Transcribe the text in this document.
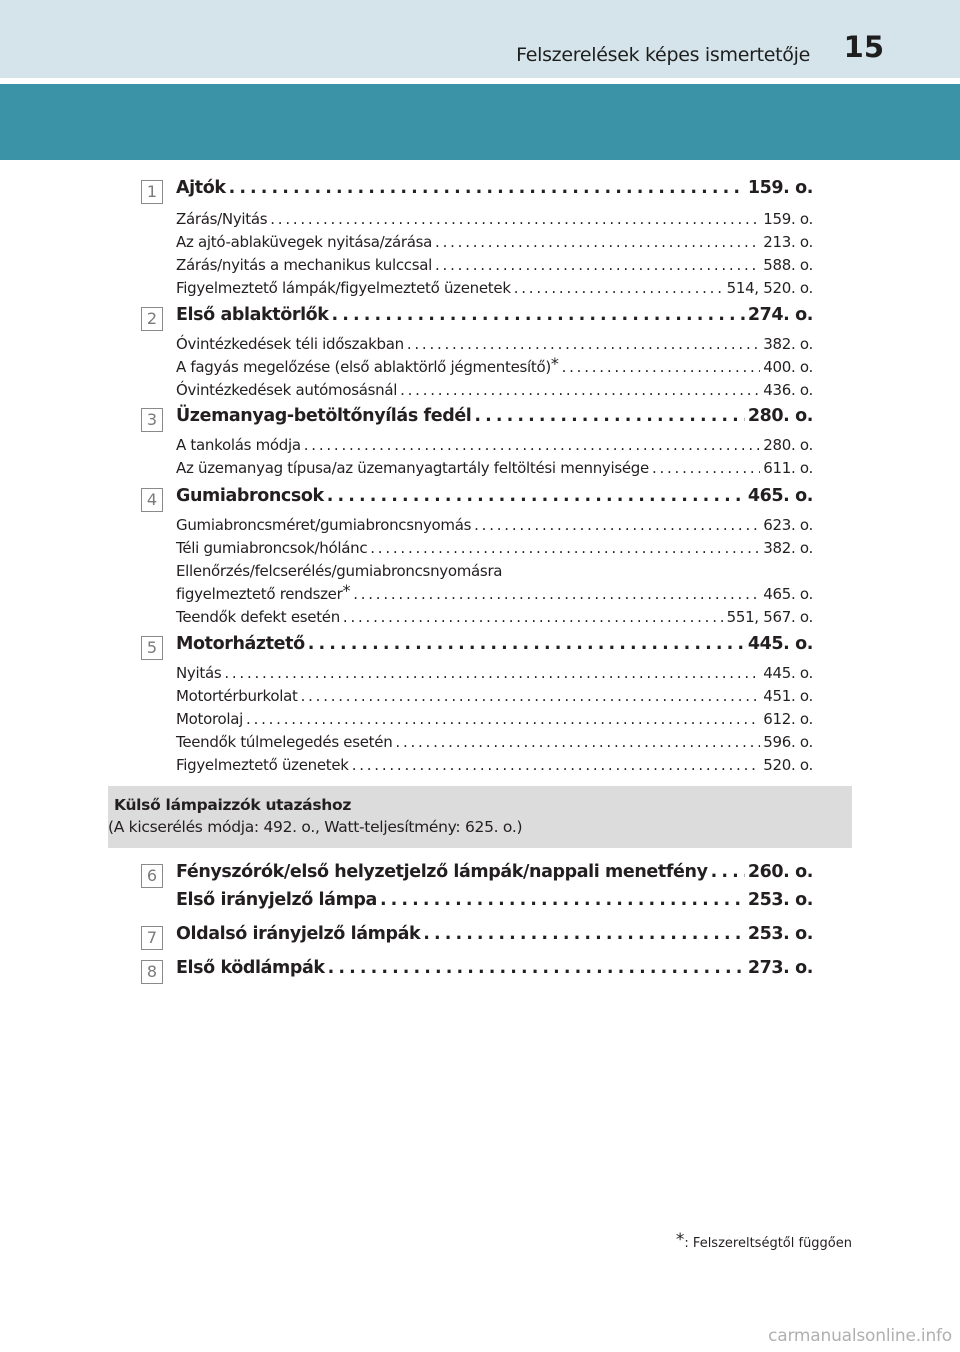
Felszerelések képes ismertetője 15
1	Ajtók . . .	159. o.
Zárás/Nyitás . . .	159. o.
Az ajtó-ablaküvegek nyitása/zárása . . .	213. o.
Zárás/nyitás a mechanikus kulccsal . . .	588. o.
Figyelmeztető lámpák/figyelmeztető üzenetek . . .	514, 520. o.
2	Első ablaktörlők . . .	274. o.
Óvintézkedések téli időszakban . . .	382. o.
A fagyás megelőzése (első ablaktörlő jégmentesítő)* . . .	400. o.
Óvintézkedések autómosásnál . . .	436. o.
3	Üzemanyag-betöltőnyílás fedél . . .	280. o.
A tankolás módja . . .	280. o.
Az üzemanyag típusa/az üzemanyagtartály feltöltési mennyisége . . .	611. o.
4	Gumiabroncsok . . .	465. o.
Gumiabroncsméret/gumiabroncsnyomás . . .	623. o.
Téli gumiabroncsok/hólánc . . .	382. o.
Ellenőrzés/felcserélés/gumiabroncsnyomásra
figyelmeztető rendszer* . . .	465. o.
Teendők defekt esetén . . .	551, 567. o.
5	Motorháztető . . .	445. o.
Nyitás . . .	445. o.
Motortérburkolat . . .	451. o.
Motorolaj . . .	612. o.
Teendők túlmelegedés esetén . . .	596. o.
Figyelmeztető üzenetek . . .	520. o.
Külső lámpaizzók utazáshoz
(A kicserélés módja: 492. o., Watt-teljesítmény: 625. o.)
6	Fényszórók/első helyzetjelző lámpák/nappali menetfény . . . 260. o.
Első irányjelző lámpa . . .	253. o.
7	Oldalsó irányjelző lámpák . . .	253. o.
8	Első ködlámpák . . .	273. o.
*: Felszereltségtől függően
carmanualsonline.info
